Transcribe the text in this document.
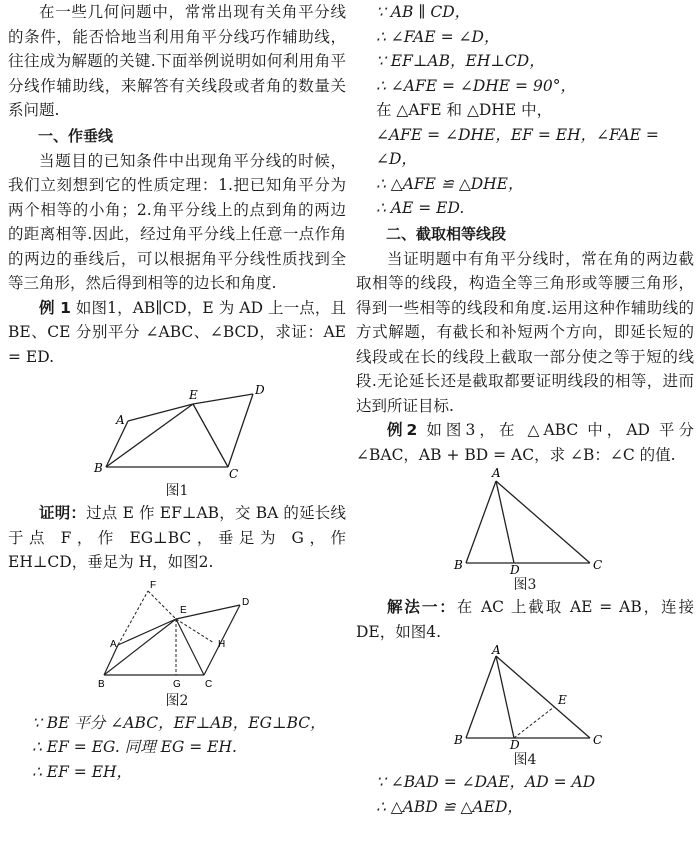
在一些几何问题中，常常出现有关角平分线的条件，能否恰地当利用角平分线巧作辅助线，往往成为解题的关键.下面举例说明如何利用角平分线作辅助线，来解答有关线段或者角的数量关系问题.

一、作垂线

当题目的已知条件中出现角平分线的时候，我们立刻想到它的性质定理：1.把已知角平分为两个相等的小角；2.角平分线上的点到角的两边的距离相等.因此，经过角平分线上任意一点作角的两边的垂线后，可以根据角平分线性质找到全等三角形，然后得到相等的边长和角度.

例 1 如图1，AB∥CD，E 为 AD 上一点，且 BE、CE 分别平分 ∠ABC、∠BCD，求证：AE = ED.

A
B	C
D
E
图1

证明：过点 E 作 EF⊥AB，交 BA 的延长线于点 F，作 EG⊥BC，垂足为 G，作 EH⊥CD，垂足为 H，如图2.

F
E
A
D
H
B	G C
图2
∵ BE 平分 ∠ABC，EF⊥AB，EG⊥BC，
∴ EF = EG. 同理 EG = EH.
∴ EF = EH，
∵ AB ∥ CD，
∴ ∠FAE = ∠D，
∵ EF⊥AB，EH⊥CD，
∴ ∠AFE = ∠DHE = 90°，
在 △AFE 和 △DHE 中，
∠AFE = ∠DHE，EF = EH，∠FAE = ∠D，
∴ △AFE ≌ △DHE，
∴ AE = ED.

二、截取相等线段

当证明题中有角平分线时，常在角的两边截取相等的线段，构造全等三角形或等腰三角形，得到一些相等的线段和角度.运用这种作辅助线的方式解题，有截长和补短两个方向，即延长短的线段或在长的线段上截取一部分使之等于短的线段.无论延长还是截取都要证明线段的相等，进而达到所证目标.

例2 如图3，在 △ABC 中，AD 平分 ∠BAC，AB + BD = AC，求 ∠B：∠C 的值.

A
B	C
D
图3

解法一：在 AC 上截取 AE = AB，连接 DE，如图4.

A
B	C
D
E
图4
∵ ∠BAD = ∠DAE，AD = AD
∴ △ABD ≌ △AED，
